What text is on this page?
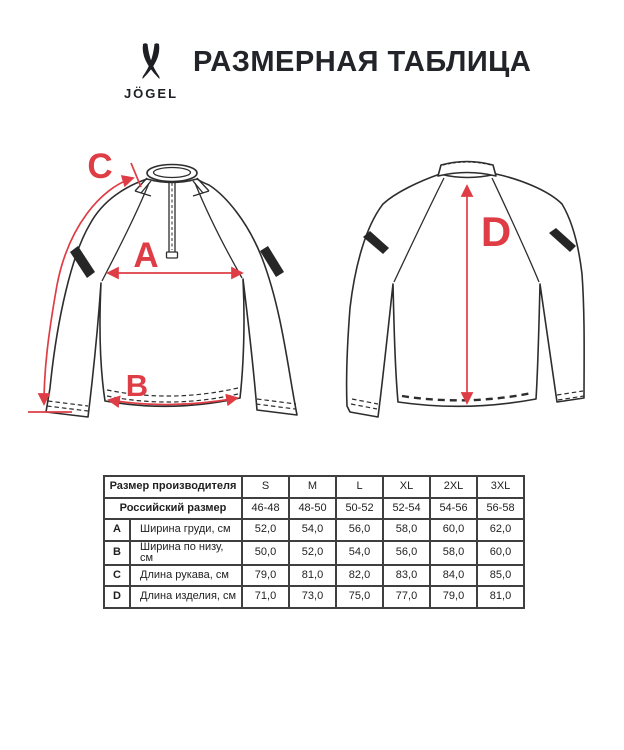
JÖGEL
РАЗМЕРНАЯ ТАБЛИЦА
A
B
C
D
Размер производителя		S	M	L	XL	2XL	3XL
Российский размер		46-48	48-50	50-52	52-54	54-56	56-58
A	Ширина груди, см	52,0	54,0	56,0	58,0	60,0	62,0
B	Ширина по низу, см	50,0	52,0	54,0	56,0	58,0	60,0
C	Длина рукава, см	79,0	81,0	82,0	83,0	84,0	85,0
D	Длина изделия, см	71,0	73,0	75,0	77,0	79,0	81,0
